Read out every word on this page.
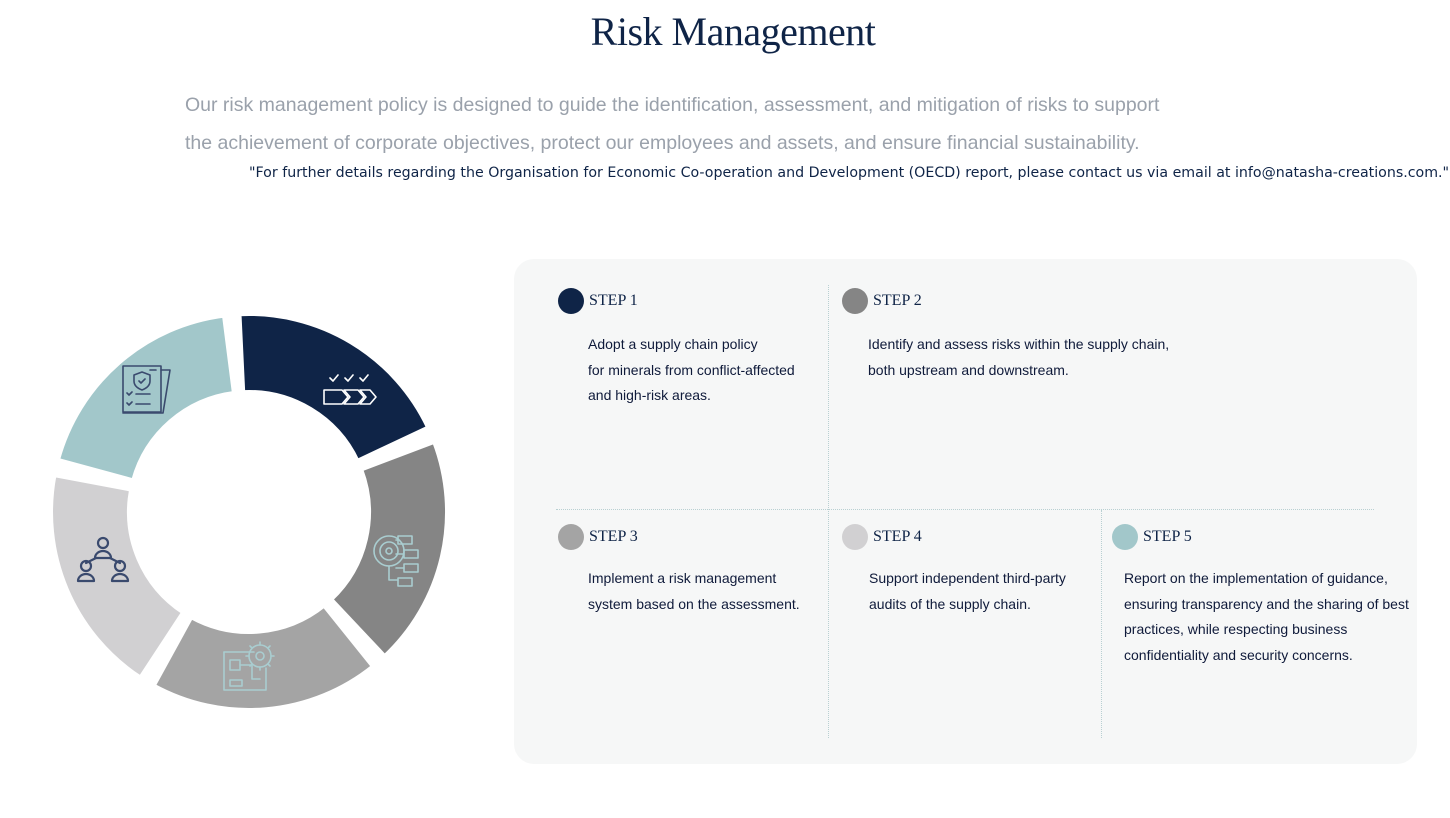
Risk Management
Our risk management policy is designed to guide the identification, assessment, and mitigation of risks to support
the achievement of corporate objectives, protect our employees and assets, and ensure financial sustainability.

"For further details regarding the Organisation for Economic Co-operation and Development (OECD) report, please contact us via email at info@natasha-creations.com."

STEP 1
Adopt a supply chain policy
for minerals from conflict-affected
and high-risk areas.
STEP 2
Identify and assess risks within the supply chain,
both upstream and downstream.
STEP 3
Implement a risk management
system based on the assessment.
STEP 4
Support independent third-party
audits of the supply chain.
STEP 5
Report on the implementation of guidance,
ensuring transparency and the sharing of best
practices, while respecting business
confidentiality and security concerns.
